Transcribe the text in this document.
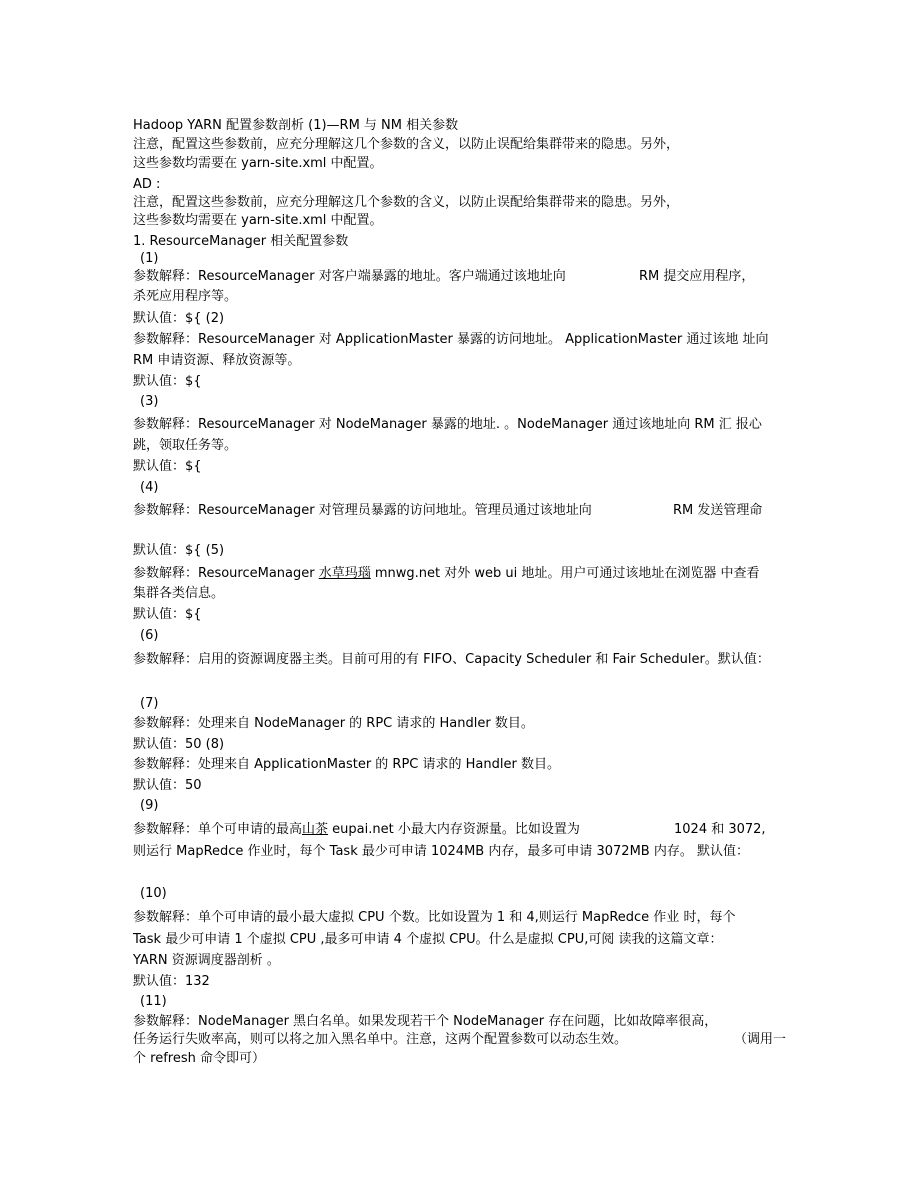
Hadoop YARN 配置参数剖析 (1)—RM 与 NM 相关参数
注意，配置这些参数前，应充分理解这几个参数的含义，以防止误配给集群带来的隐患。另外，
这些参数均需要在 yarn-site.xml 中配置。
AD :
注意，配置这些参数前，应充分理解这几个参数的含义，以防止误配给集群带来的隐患。另外，
这些参数均需要在 yarn-site.xml 中配置。
1. ResourceManager 相关配置参数
(1)
参数解释：ResourceManager 对客户端暴露的地址。客户端通过该地址向	RM 提交应用程序，
杀死应用程序等。
默认值：${ (2)
参数解释：ResourceManager 对 ApplicationMaster 暴露的访问地址。 ApplicationMaster 通过该地 址向
RM 申请资源、释放资源等。
默认值：${
(3)
参数解释：ResourceManager 对 NodeManager 暴露的地址. 。NodeManager 通过该地址向 RM 汇 报心
跳，领取任务等。
默认值：${
(4)
参数解释：ResourceManager 对管理员暴露的访问地址。管理员通过该地址向	RM 发送管理命
默认值：${ (5)
参数解释：ResourceManager 水草玛瑙 mnwg.net 对外 web ui 地址。用户可通过该地址在浏览器 中查看
集群各类信息。
默认值：${
(6)
参数解释：启用的资源调度器主类。目前可用的有 FIFO、Capacity Scheduler 和 Fair Scheduler。默认值：
(7)
参数解释：处理来自 NodeManager 的 RPC 请求的 Handler 数目。
默认值：50 (8)
参数解释：处理来自 ApplicationMaster 的 RPC 请求的 Handler 数目。
默认值：50
(9)
参数解释：单个可申请的最高山茶 eupai.net 小最大内存资源量。比如设置为	1024 和 3072,
则运行 MapRedce 作业时，每个 Task 最少可申请 1024MB 内存，最多可申请 3072MB 内存。 默认值：
(10)
参数解释：单个可申请的最小最大虚拟 CPU 个数。比如设置为 1 和 4,则运行 MapRedce 作业 时，每个
Task 最少可申请 1 个虚拟 CPU ,最多可申请 4 个虚拟 CPU。什么是虚拟 CPU,可阅 读我的这篇文章：
YARN 资源调度器剖析 。
默认值：132
(11)
参数解释：NodeManager 黑白名单。如果发现若干个 NodeManager 存在问题，比如故障率很高，
任务运行失败率高，则可以将之加入黑名单中。注意，这两个配置参数可以动态生效。	（调用一
个 refresh 命令即可）
